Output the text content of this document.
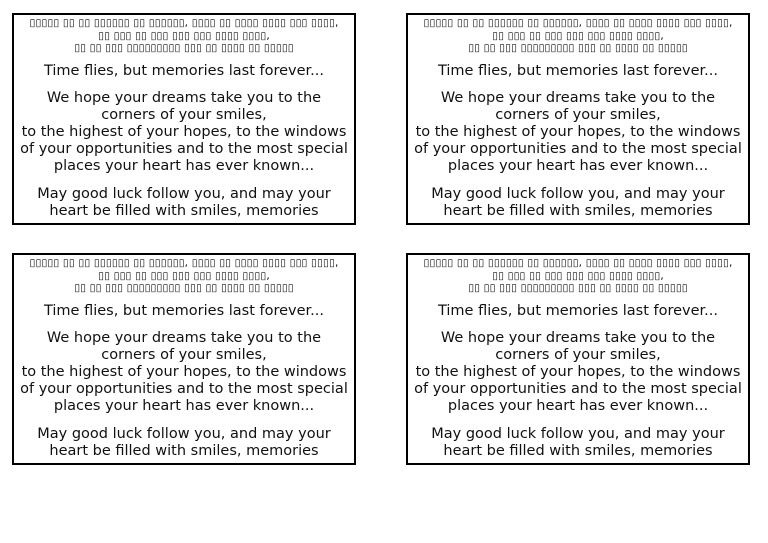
▯▯▯▯▯ ▯▯ ▯▯ ▯▯▯▯▯▯ ▯▯ ▯▯▯▯▯▯, ▯▯▯▯ ▯▯ ▯▯▯▯ ▯▯▯▯ ▯▯▯ ▯▯▯▯,
▯▯ ▯▯▯ ▯▯ ▯▯▯ ▯▯▯ ▯▯▯ ▯▯▯▯ ▯▯▯▯,
▯▯ ▯▯ ▯▯▯ ▯▯▯▯▯▯▯▯▯ ▯▯▯ ▯▯ ▯▯▯▯ ▯▯ ▯▯▯▯▯

Time flies, but memories last forever...

We hope your dreams take you to the corners of your smiles,
to the highest of your hopes, to the windows of your opportunities and to the most special places your heart has ever known...

May good luck follow you, and may your
heart be filled with smiles, memories

▯▯▯▯▯ ▯▯ ▯▯ ▯▯▯▯▯▯ ▯▯ ▯▯▯▯▯▯, ▯▯▯▯ ▯▯ ▯▯▯▯ ▯▯▯▯ ▯▯▯ ▯▯▯▯,
▯▯ ▯▯▯ ▯▯ ▯▯▯ ▯▯▯ ▯▯▯ ▯▯▯▯ ▯▯▯▯,
▯▯ ▯▯ ▯▯▯ ▯▯▯▯▯▯▯▯▯ ▯▯▯ ▯▯ ▯▯▯▯ ▯▯ ▯▯▯▯▯

Time flies, but memories last forever...

We hope your dreams take you to the corners of your smiles,
to the highest of your hopes, to the windows of your opportunities and to the most special places your heart has ever known...

May good luck follow you, and may your
heart be filled with smiles, memories

▯▯▯▯▯ ▯▯ ▯▯ ▯▯▯▯▯▯ ▯▯ ▯▯▯▯▯▯, ▯▯▯▯ ▯▯ ▯▯▯▯ ▯▯▯▯ ▯▯▯ ▯▯▯▯,
▯▯ ▯▯▯ ▯▯ ▯▯▯ ▯▯▯ ▯▯▯ ▯▯▯▯ ▯▯▯▯,
▯▯ ▯▯ ▯▯▯ ▯▯▯▯▯▯▯▯▯ ▯▯▯ ▯▯ ▯▯▯▯ ▯▯ ▯▯▯▯▯

Time flies, but memories last forever...

We hope your dreams take you to the corners of your smiles,
to the highest of your hopes, to the windows of your opportunities and to the most special places your heart has ever known...

May good luck follow you, and may your
heart be filled with smiles, memories

▯▯▯▯▯ ▯▯ ▯▯ ▯▯▯▯▯▯ ▯▯ ▯▯▯▯▯▯, ▯▯▯▯ ▯▯ ▯▯▯▯ ▯▯▯▯ ▯▯▯ ▯▯▯▯,
▯▯ ▯▯▯ ▯▯ ▯▯▯ ▯▯▯ ▯▯▯ ▯▯▯▯ ▯▯▯▯,
▯▯ ▯▯ ▯▯▯ ▯▯▯▯▯▯▯▯▯ ▯▯▯ ▯▯ ▯▯▯▯ ▯▯ ▯▯▯▯▯

Time flies, but memories last forever...

We hope your dreams take you to the corners of your smiles,
to the highest of your hopes, to the windows of your opportunities and to the most special places your heart has ever known...

May good luck follow you, and may your
heart be filled with smiles, memories
